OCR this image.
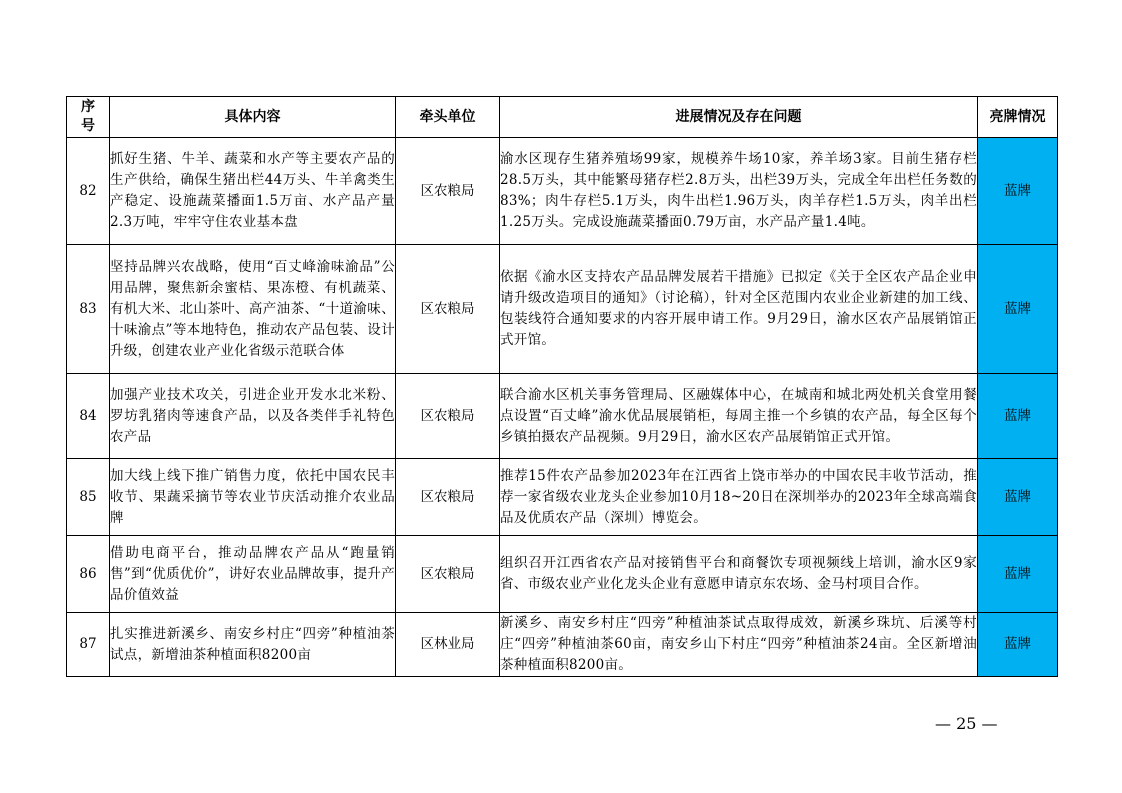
序号	具体内容	牵头单位	进展情况及存在问题	亮牌情况
82	抓好生猪、牛羊、蔬菜和水产等主要农产品的生产供给，确保生猪出栏44万头、牛羊禽类生产稳定、设施蔬菜播面1.5万亩、水产品产量2.3万吨，牢牢守住农业基本盘	区农粮局	渝水区现存生猪养殖场99家，规模养牛场10家，养羊场3家。目前生猪存栏28.5万头，其中能繁母猪存栏2.8万头，出栏39万头，完成全年出栏任务数的83%；肉牛存栏5.1万头，肉牛出栏1.96万头，肉羊存栏1.5万头，肉羊出栏1.25万头。完成设施蔬菜播面0.79万亩，水产品产量1.4吨。	蓝牌
83	坚持品牌兴农战略，使用“百丈峰渝味渝品”公用品牌，聚焦新余蜜桔、果冻橙、有机蔬菜、有机大米、北山茶叶、高产油茶、“十道渝味、十味渝点”等本地特色，推动农产品包装、设计升级，创建农业产业化省级示范联合体	区农粮局	依据《渝水区支持农产品品牌发展若干措施》已拟定《关于全区农产品企业申请升级改造项目的通知》（讨论稿），针对全区范围内农业企业新建的加工线、包装线符合通知要求的内容开展申请工作。9月29日，渝水区农产品展销馆正式开馆。	蓝牌
84	加强产业技术攻关，引进企业开发水北米粉、罗坊乳猪肉等速食产品，以及各类伴手礼特色农产品	区农粮局	联合渝水区机关事务管理局、区融媒体中心，在城南和城北两处机关食堂用餐点设置“百丈峰”渝水优品展展销柜，每周主推一个乡镇的农产品，每全区每个乡镇拍摄农产品视频。9月29日，渝水区农产品展销馆正式开馆。	蓝牌
85	加大线上线下推广销售力度，依托中国农民丰收节、果蔬采摘节等农业节庆活动推介农业品牌	区农粮局	推荐15件农产品参加2023年在江西省上饶市举办的中国农民丰收节活动，推荐一家省级农业龙头企业参加10月18~20日在深圳举办的2023年全球高端食品及优质农产品（深圳）博览会。	蓝牌
86	借助电商平台，推动品牌农产品从“跑量销售”到“优质优价”，讲好农业品牌故事，提升产品价值效益	区农粮局	组织召开江西省农产品对接销售平台和商餐饮专项视频线上培训，渝水区9家省、市级农业产业化龙头企业有意愿申请京东农场、金马村项目合作。	蓝牌
87	扎实推进新溪乡、南安乡村庄“四旁”种植油茶试点，新增油茶种植面积8200亩	区林业局	新溪乡、南安乡村庄“四旁”种植油茶试点取得成效，新溪乡珠坑、后溪等村庄“四旁”种植油茶60亩，南安乡山下村庄“四旁”种植油茶24亩。全区新增油茶种植面积8200亩。	蓝牌
— 25 —
